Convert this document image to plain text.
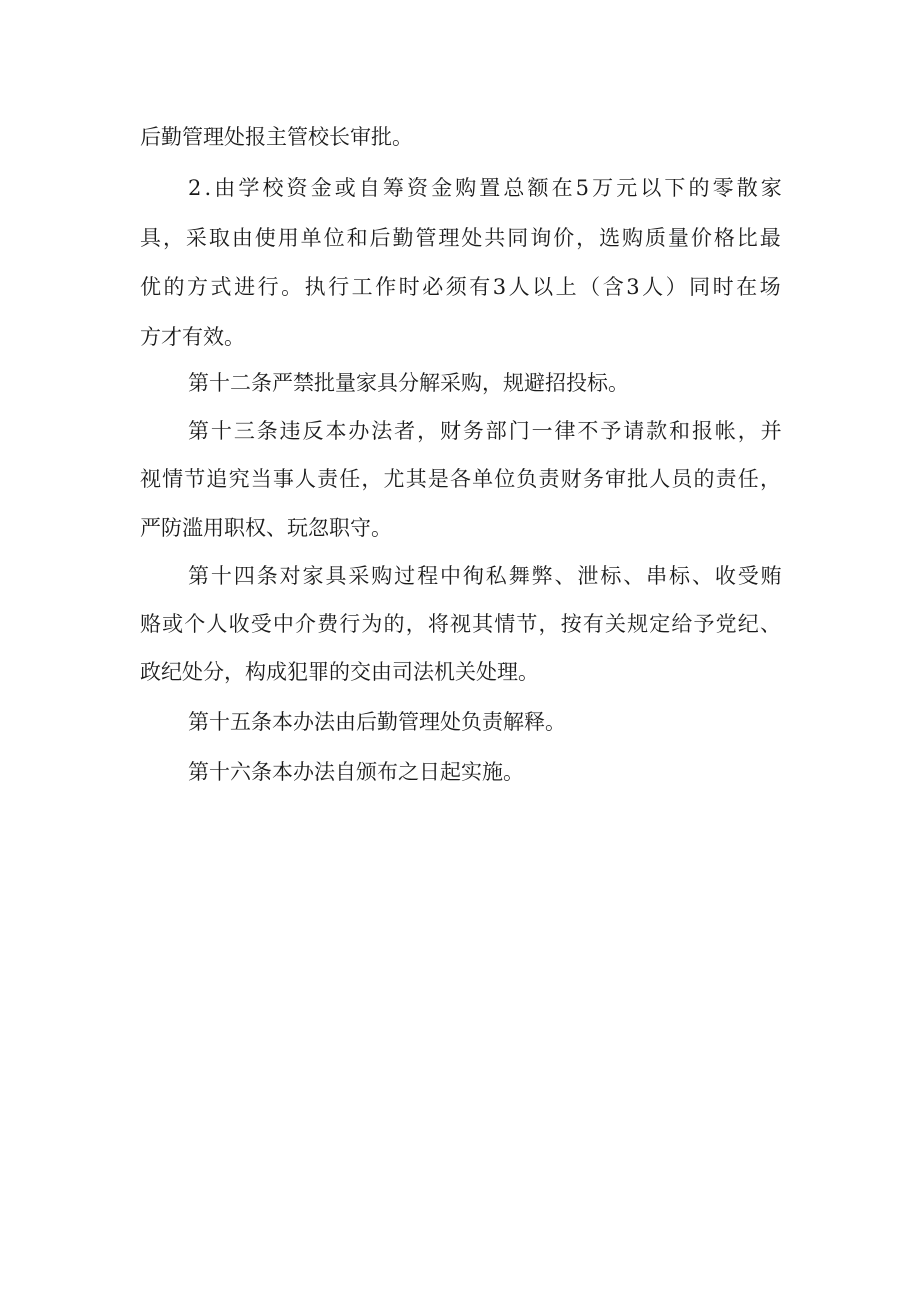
后勤管理处报主管校长审批。
2 . 由 学 校 资 金 或 自 筹 资 金 购 置 总 额 在 5 万 元 以 下 的 零 散 家
具 ， 采 取 由 使 用 单 位 和 后 勤 管 理 处 共 同 询 价 ， 选 购 质 量 价 格 比 最
优 的 方 式 进 行 。 执 行 工 作 时 必 须 有 3 人 以 上 （ 含 3 人 ） 同 时 在 场
方才有效。
第十二条严禁批量家具分解采购，规避招投标。
第 十 三 条 违 反 本 办 法 者 ， 财 务 部 门 一 律 不 予 请 款 和 报 帐 ， 并
视 情 节 追 究 当 事 人 责 任 ， 尤 其 是 各 单 位 负 责 财 务 审 批 人 员 的 责 任 ，
严防滥用职权、玩忽职守。
第 十 四 条 对 家 具 采 购 过 程 中 徇 私 舞 弊 、 泄 标 、 串 标 、 收 受 贿
赂 或 个 人 收 受 中 介 费 行 为 的 ， 将 视 其 情 节 ， 按 有 关 规 定 给 予 党 纪 、
政纪处分，构成犯罪的交由司法机关处理。
第十五条本办法由后勤管理处负责解释。
第十六条本办法自颁布之日起实施。
